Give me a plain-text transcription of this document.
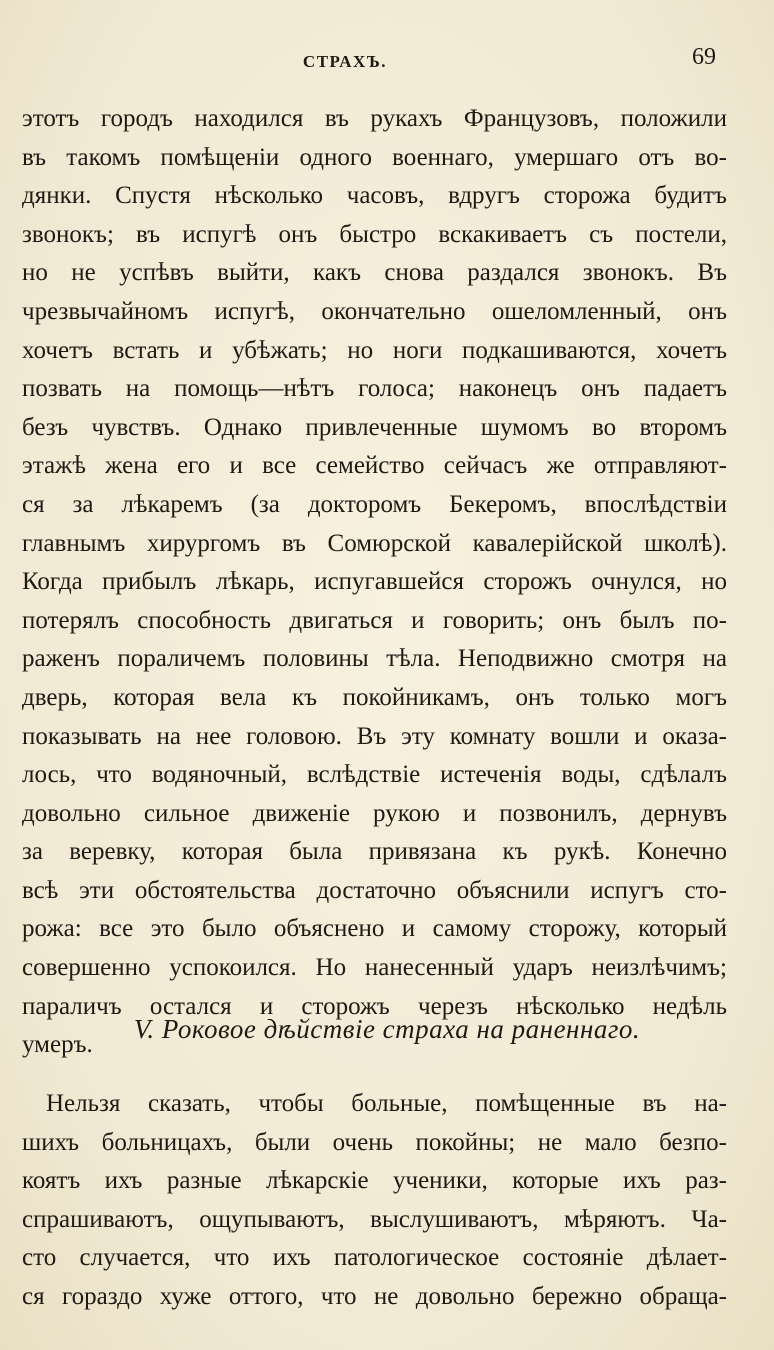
СТРАХЪ.	69
этотъ городъ находился въ рукахъ Французовъ, положили
въ такомъ помѣщенiи одного военнаго, умершаго отъ во-
дянки. Спустя нѣсколько часовъ, вдругъ сторожа будитъ
звонокъ; въ испугѣ онъ быстро вскакиваетъ съ постели,
но не успѣвъ выйти, какъ снова раздался звонокъ. Въ
чрезвычайномъ испугѣ, окончательно ошеломленный, онъ
хочетъ встать и убѣжать; но ноги подкашиваются, хочетъ
позвать на помощь—нѣтъ голоса; наконецъ онъ падаетъ
безъ чувствъ. Однако привлеченные шумомъ во второмъ
этажѣ жена его и все семейство сейчасъ же отправляют-
ся за лѣкаремъ (за докторомъ Бекеромъ, впослѣдствiи
главнымъ хирургомъ въ Сомюрской кавалерiйской школѣ).
Когда прибылъ лѣкарь, испугавшейся сторожъ очнулся, но
потерялъ способность двигаться и говорить; онъ былъ по-
раженъ пораличемъ половины тѣла. Неподвижно смотря на
дверь, которая вела къ покойникамъ, онъ только могъ
показывать на нее головою. Въ эту комнату вошли и оказа-
лось, что водяночный, вслѣдствiе истеченiя воды, сдѣлалъ
довольно сильное движенiе рукою и позвонилъ, дернувъ
за веревку, которая была привязана къ рукѣ. Конечно
всѣ эти обстоятельства достаточно объяснили испугъ сто-
рожа: все это было объяснено и самому сторожу, который
совершенно успокоился. Но нанесенный ударъ неизлѣчимъ;
параличъ остался и сторожъ черезъ нѣсколько недѣль
умеръ.
V. Роковое дѣйствiе страха на раненнаго.
Нельзя сказать, чтобы больные, помѣщенные въ на-
шихъ больницахъ, были очень покойны; не мало безпо-
коятъ ихъ разные лѣкарскiе ученики, которые ихъ раз-
спрашиваютъ, ощупываютъ, выслушиваютъ, мѣряютъ. Ча-
сто случается, что ихъ патологическое состоянiе дѣлает-
ся гораздо хуже оттого, что не довольно бережно обраща-
